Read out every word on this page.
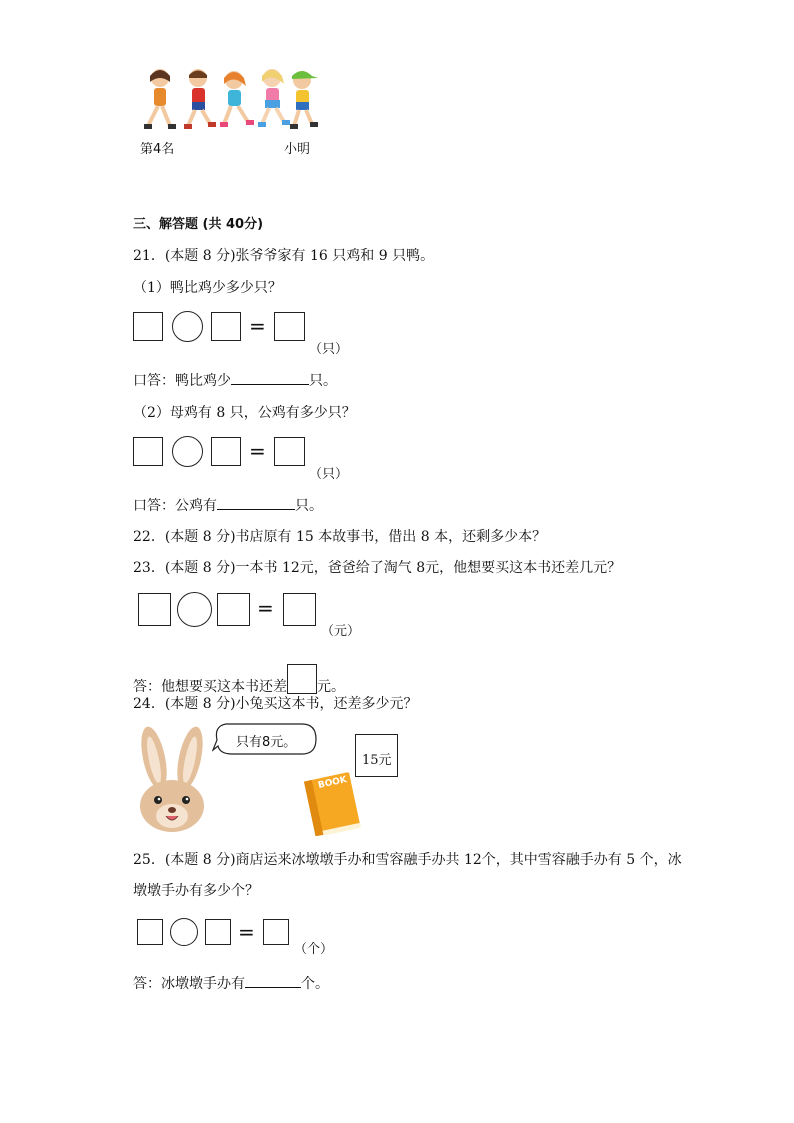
第4名	小明
三、解答题 (共 40分)
21．(本题 8 分)张爷爷家有 16 只鸡和 9 只鸭。
（1）鸭比鸡少多少只？
=
（只）
口答：鸭比鸡少	只。
（2）母鸡有 8 只，公鸡有多少只？
=
（只）
口答：公鸡有	只。
22．(本题 8 分)书店原有 15 本故事书，借出 8 本，还剩多少本？
23．(本题 8 分)一本书 12元，爸爸给了淘气 8元，他想要买这本书还差几元？
=
（元）
答：他想要买这本书还差 元。
24．(本题 8 分)小兔买这本书，还差多少元？
只有8元。
15元
BOOK
25．(本题 8 分)商店运来冰墩墩手办和雪容融手办共 12个，其中雪容融手办有 5 个，冰
墩墩手办有多少个？
=
（个）
答：冰墩墩手办有	个。
